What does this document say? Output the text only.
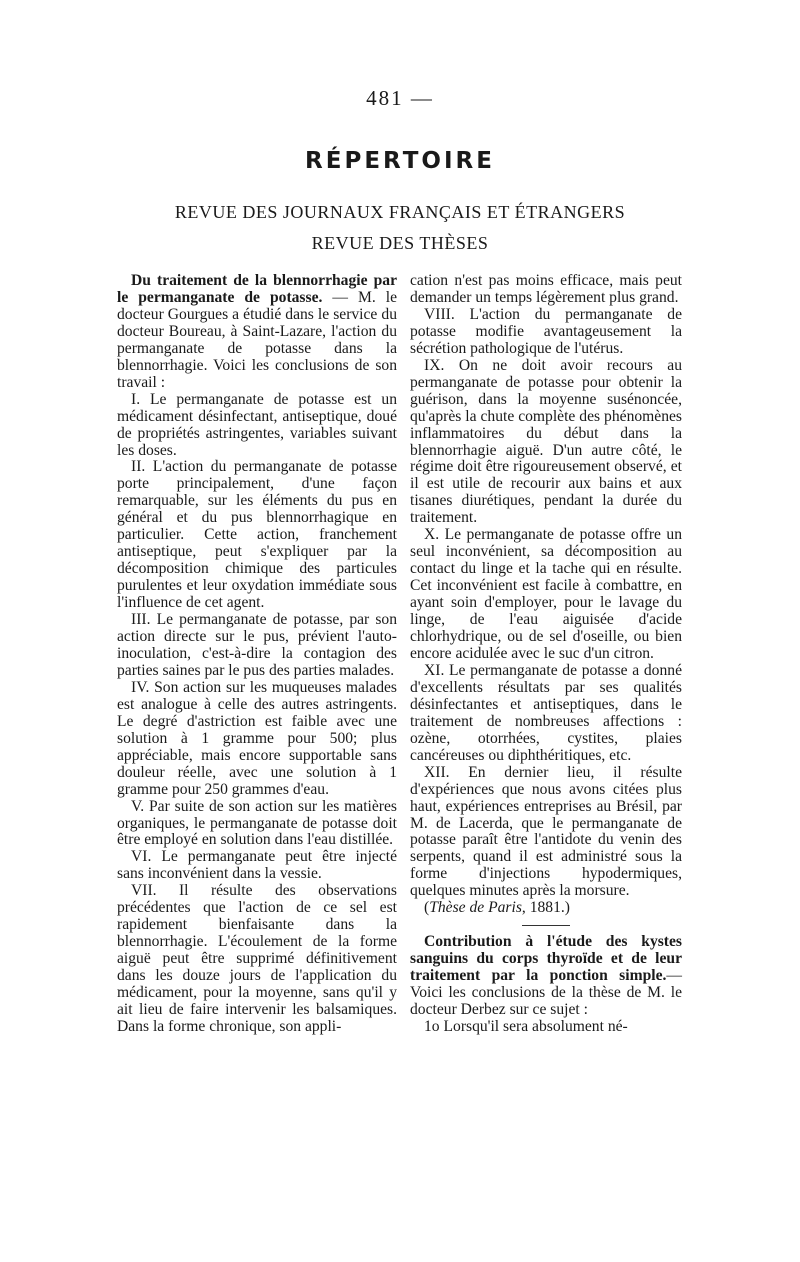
481 —
RÉPERTOIRE
REVUE DES JOURNAUX FRANÇAIS ET ÉTRANGERS
REVUE DES THÈSES

Du traitement de la blennorrhagie par le permanganate de potasse. — M. le docteur Gourgues a étudié dans le service du docteur Boureau, à Saint-Lazare, l'action du permanganate de potasse dans la blennorrhagie. Voici les conclusions de son travail :

I. Le permanganate de potasse est un médicament désinfectant, antiseptique, doué de propriétés astringentes, variables suivant les doses.

II. L'action du permanganate de potasse porte principalement, d'une façon remarquable, sur les éléments du pus en général et du pus blennorrhagique en particulier. Cette action, franchement antiseptique, peut s'expliquer par la décomposition chimique des particules purulentes et leur oxydation immédiate sous l'influence de cet agent.

III. Le permanganate de potasse, par son action directe sur le pus, prévient l'auto-inoculation, c'est-à-dire la contagion des parties saines par le pus des parties malades.

IV. Son action sur les muqueuses malades est analogue à celle des autres astringents. Le degré d'astriction est faible avec une solution à 1 gramme pour 500; plus appréciable, mais encore supportable sans douleur réelle, avec une solution à 1 gramme pour 250 grammes d'eau.

V. Par suite de son action sur les matières organiques, le permanganate de potasse doit être employé en solution dans l'eau distillée.

VI. Le permanganate peut être injecté sans inconvénient dans la vessie.

VII. Il résulte des observations précédentes que l'action de ce sel est rapidement bienfaisante dans la blennorrhagie. L'écoulement de la forme aiguë peut être supprimé définitivement dans les douze jours de l'application du médicament, pour la moyenne, sans qu'il y ait lieu de faire intervenir les balsamiques. Dans la forme chronique, son appli-

cation n'est pas moins efficace, mais peut demander un temps légèrement plus grand.

VIII. L'action du permanganate de potasse modifie avantageusement la sécrétion pathologique de l'utérus.

IX. On ne doit avoir recours au permanganate de potasse pour obtenir la guérison, dans la moyenne susénoncée, qu'après la chute complète des phénomènes inflammatoires du début dans la blennorrhagie aiguë. D'un autre côté, le régime doit être rigoureusement observé, et il est utile de recourir aux bains et aux tisanes diurétiques, pendant la durée du traitement.

X. Le permanganate de potasse offre un seul inconvénient, sa décomposition au contact du linge et la tache qui en résulte. Cet inconvénient est facile à combattre, en ayant soin d'employer, pour le lavage du linge, de l'eau aiguisée d'acide chlorhydrique, ou de sel d'oseille, ou bien encore acidulée avec le suc d'un citron.

XI. Le permanganate de potasse a donné d'excellents résultats par ses qualités désinfectantes et antiseptiques, dans le traitement de nombreuses affections : ozène, otorrhées, cystites, plaies cancéreuses ou diphthéritiques, etc.

XII. En dernier lieu, il résulte d'expériences que nous avons citées plus haut, expériences entreprises au Brésil, par M. de Lacerda, que le permanganate de potasse paraît être l'antidote du venin des serpents, quand il est administré sous la forme d'injections hypodermiques, quelques minutes après la morsure.

(Thèse de Paris, 1881.)

Contribution à l'étude des kystes sanguins du corps thyroïde et de leur traitement par la ponction simple.—Voici les conclusions de la thèse de M. le docteur Derbez sur ce sujet :

1o Lorsqu'il sera absolument né-
